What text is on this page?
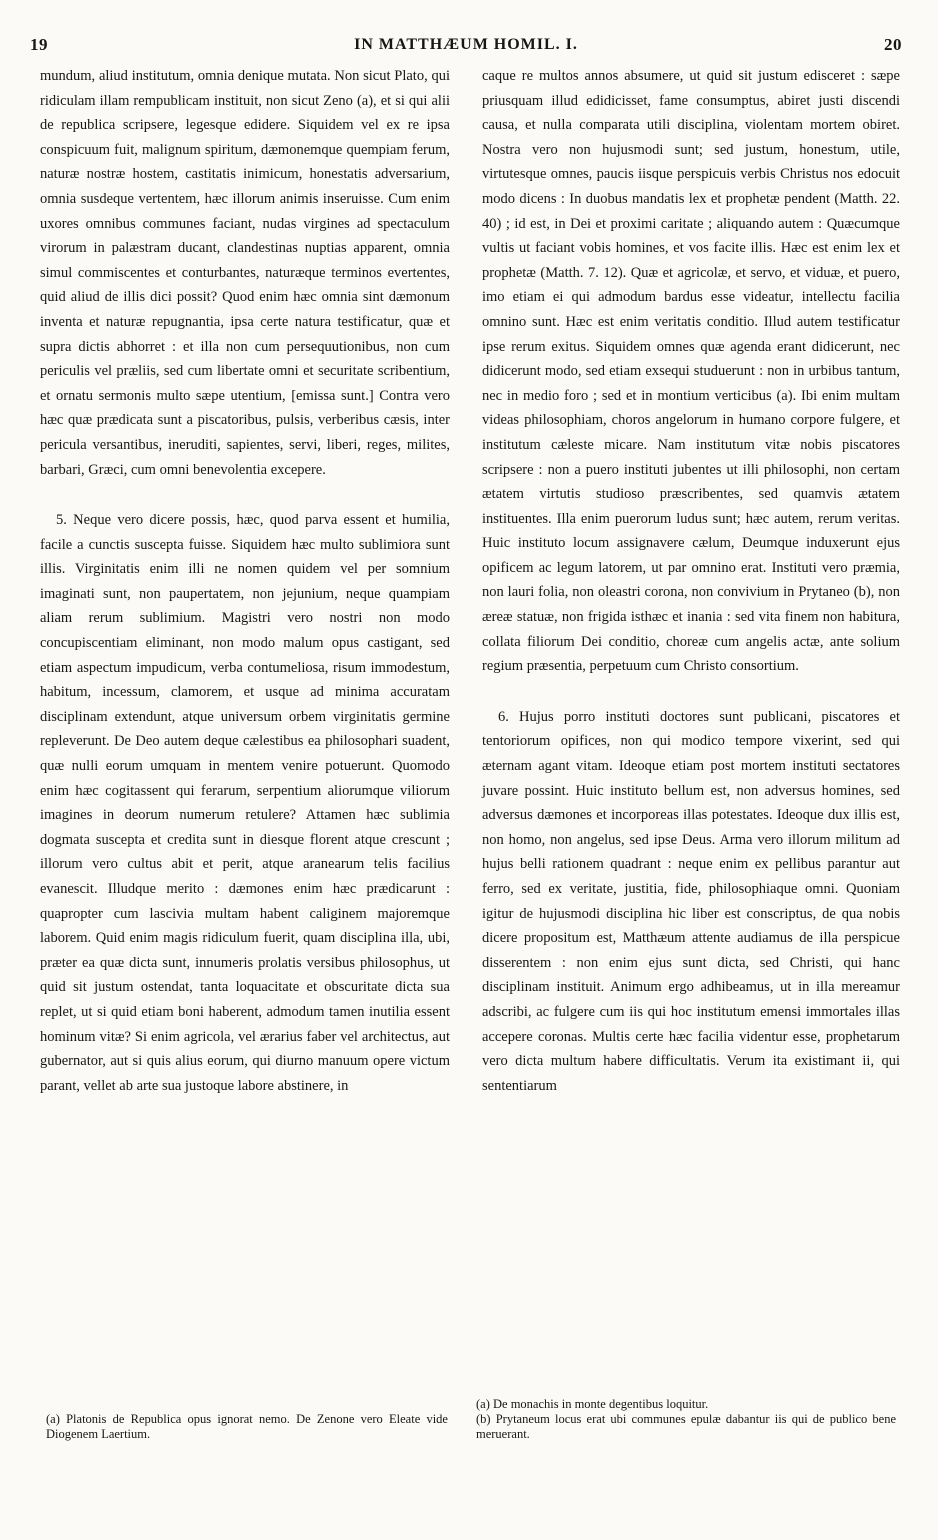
19	IN MATTHÆUM HOMIL. I.	20

mundum, aliud institutum, omnia denique mutata. Non sicut Plato, qui ridiculam illam rempublicam instituit, non sicut Zeno (a), et si qui alii de republica scripsere, legesque edidere. Siquidem vel ex re ipsa conspicuum fuit, malignum spiritum, dæmonemque quempiam ferum, naturæ nostræ hostem, castitatis inimicum, honestatis adversarium, omnia susdeque vertentem, hæc illorum animis inseruisse. Cum enim uxores omnibus communes faciant, nudas virgines ad spectaculum virorum in palæstram ducant, clandestinas nuptias apparent, omnia simul commiscentes et conturbantes, naturæque terminos evertentes, quid aliud de illis dici possit? Quod enim hæc omnia sint dæmonum inventa et naturæ repugnantia, ipsa certe natura testificatur, quæ et supra dictis abhorret : et illa non cum persequutionibus, non cum periculis vel præliis, sed cum libertate omni et securitate scribentium, et ornatu sermonis multo sæpe utentium, [emissa sunt.] Contra vero hæc quæ prædicata sunt a piscatoribus, pulsis, verberibus cæsis, inter pericula versantibus, ineruditi, sapientes, servi, liberi, reges, milites, barbari, Græci, cum omni benevolentia excepere.

5. Neque vero dicere possis, hæc, quod parva essent et humilia, facile a cunctis suscepta fuisse. Siquidem hæc multo sublimiora sunt illis. Virginitatis enim illi ne nomen quidem vel per somnium imaginati sunt, non paupertatem, non jejunium, neque quampiam aliam rerum sublimium. Magistri vero nostri non modo concupiscentiam eliminant, non modo malum opus castigant, sed etiam aspectum impudicum, verba contumeliosa, risum immodestum, habitum, incessum, clamorem, et usque ad minima accuratam disciplinam extendunt, atque universum orbem virginitatis germine repleverunt. De Deo autem deque cælestibus ea philosophari suadent, quæ nulli eorum umquam in mentem venire potuerunt. Quomodo enim hæc cogitassent qui ferarum, serpentium aliorumque viliorum imagines in deorum numerum retulere? Attamen hæc sublimia dogmata suscepta et credita sunt in diesque florent atque crescunt ; illorum vero cultus abit et perit, atque aranearum telis facilius evanescit. Illudque merito : dæmones enim hæc prædicarunt : quapropter cum lascivia multam habent caliginem majoremque laborem. Quid enim magis ridiculum fuerit, quam disciplina illa, ubi, præter ea quæ dicta sunt, innumeris prolatis versibus philosophus, ut quid sit justum ostendat, tanta loquacitate et obscuritate dicta sua replet, ut si quid etiam boni haberent, admodum tamen inutilia essent hominum vitæ? Si enim agricola, vel ærarius faber vel architectus, aut gubernator, aut si quis alius eorum, qui diurno manuum opere victum parant, vellet ab arte sua justoque labore abstinere, in

caque re multos annos absumere, ut quid sit justum edisceret : sæpe priusquam illud edidicisset, fame consumptus, abiret justi discendi causa, et nulla comparata utili disciplina, violentam mortem obiret. Nostra vero non hujusmodi sunt; sed justum, honestum, utile, virtutesque omnes, paucis iisque perspicuis verbis Christus nos edocuit modo dicens : In duobus mandatis lex et prophetæ pendent (Matth. 22. 40) ; id est, in Dei et proximi caritate ; aliquando autem : Quæcumque vultis ut faciant vobis homines, et vos facite illis. Hæc est enim lex et prophetæ (Matth. 7. 12). Quæ et agricolæ, et servo, et viduæ, et puero, imo etiam ei qui admodum bardus esse videatur, intellectu facilia omnino sunt. Hæc est enim veritatis conditio. Illud autem testificatur ipse rerum exitus. Siquidem omnes quæ agenda erant didicerunt, nec didicerunt modo, sed etiam exsequi studuerunt : non in urbibus tantum, nec in medio foro ; sed et in montium verticibus (a). Ibi enim multam videas philosophiam, choros angelorum in humano corpore fulgere, et institutum cæleste micare. Nam institutum vitæ nobis piscatores scripsere : non a puero instituti jubentes ut illi philosophi, non certam ætatem virtutis studioso præscribentes, sed quamvis ætatem instituentes. Illa enim puerorum ludus sunt; hæc autem, rerum veritas. Huic instituto locum assignavere cælum, Deumque induxerunt ejus opificem ac legum latorem, ut par omnino erat. Instituti vero præmia, non lauri folia, non oleastri corona, non convivium in Prytaneo (b), non æreæ statuæ, non frigida isthæc et inania : sed vita finem non habitura, collata filiorum Dei conditio, choreæ cum angelis actæ, ante solium regium præsentia, perpetuum cum Christo consortium.

6. Hujus porro instituti doctores sunt publicani, piscatores et tentoriorum opifices, non qui modico tempore vixerint, sed qui æternam agant vitam. Ideoque etiam post mortem instituti sectatores juvare possint. Huic instituto bellum est, non adversus homines, sed adversus dæmones et incorporeas illas potestates. Ideoque dux illis est, non homo, non angelus, sed ipse Deus. Arma vero illorum militum ad hujus belli rationem quadrant : neque enim ex pellibus parantur aut ferro, sed ex veritate, justitia, fide, philosophiaque omni. Quoniam igitur de hujusmodi disciplina hic liber est conscriptus, de qua nobis dicere propositum est, Matthæum attente audiamus de illa perspicue disserentem : non enim ejus sunt dicta, sed Christi, qui hanc disciplinam instituit. Animum ergo adhibeamus, ut in illa mereamur adscribi, ac fulgere cum iis qui hoc institutum emensi immortales illas accepere coronas. Multis certe hæc facilia videntur esse, prophetarum vero dicta multum habere difficultatis. Verum ita existimant ii, qui sententiarum

(a) Platonis de Republica opus ignorat nemo. De Zenone vero Eleate vide Diogenem Laertium.

(a) De monachis in monte degentibus loquitur.

(b) Prytaneum locus erat ubi communes epulæ dabantur iis qui de publico bene meruerant.
